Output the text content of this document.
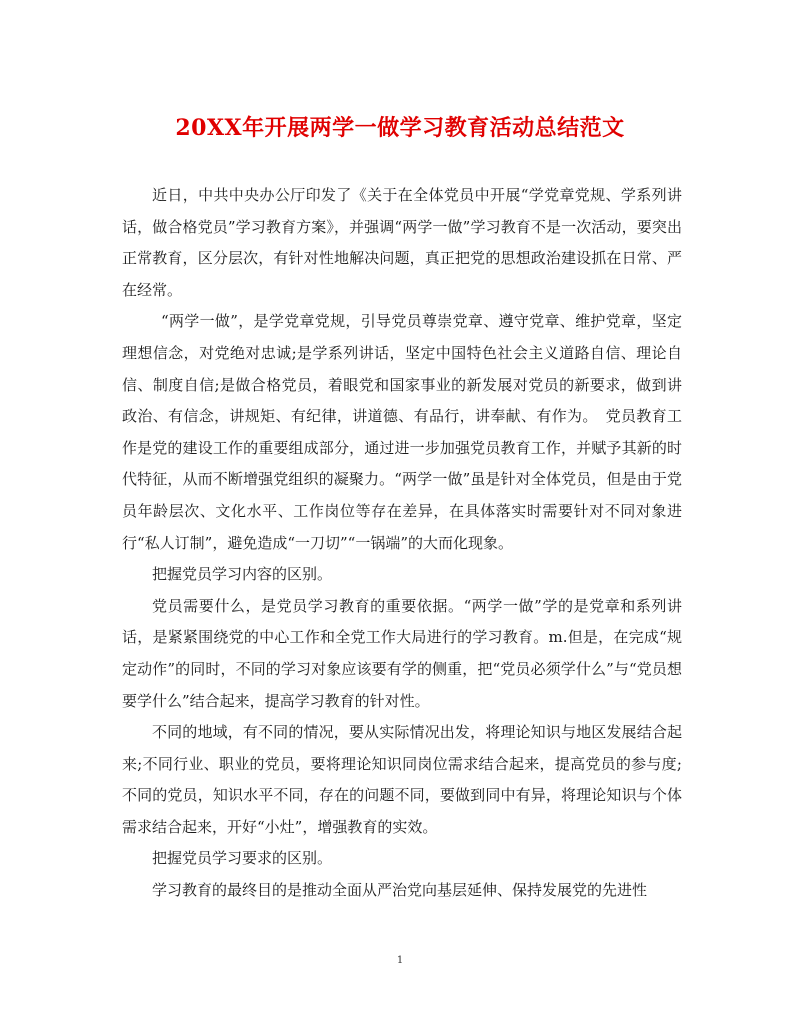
20XX年开展两学一做学习教育活动总结范文

近日，中共中央办公厅印发了《关于在全体党员中开展“学党章党规、学系列讲话，做合格党员”学习教育方案》，并强调“两学一做”学习教育不是一次活动，要突出正常教育，区分层次，有针对性地解决问题，真正把党的思想政治建设抓在日常、严在经常。

“两学一做”，是学党章党规，引导党员尊崇党章、遵守党章、维护党章，坚定理想信念，对党绝对忠诚;是学系列讲话，坚定中国特色社会主义道路自信、理论自信、制度自信;是做合格党员，着眼党和国家事业的新发展对党员的新要求，做到讲政治、有信念，讲规矩、有纪律，讲道德、有品行，讲奉献、有作为。　党员教育工作是党的建设工作的重要组成部分，通过进一步加强党员教育工作，并赋予其新的时代特征，从而不断增强党组织的凝聚力。“两学一做”虽是针对全体党员，但是由于党员年龄层次、文化水平、工作岗位等存在差异，在具体落实时需要针对不同对象进行“私人订制”，避免造成“一刀切”“一锅端”的大而化现象。

把握党员学习内容的区别。

党员需要什么，是党员学习教育的重要依据。“两学一做”学的是党章和系列讲话，是紧紧围绕党的中心工作和全党工作大局进行的学习教育。m.但是，在完成“规定动作”的同时，不同的学习对象应该要有学的侧重，把“党员必须学什么”与“党员想要学什么”结合起来，提高学习教育的针对性。

不同的地域，有不同的情况，要从实际情况出发，将理论知识与地区发展结合起来;不同行业、职业的党员，要将理论知识同岗位需求结合起来，提高党员的参与度;　不同的党员，知识水平不同，存在的问题不同，要做到同中有异，将理论知识与个体需求结合起来，开好“小灶”，增强教育的实效。

把握党员学习要求的区别。

学习教育的最终目的是推动全面从严治党向基层延伸、保持发展党的先进性

1
